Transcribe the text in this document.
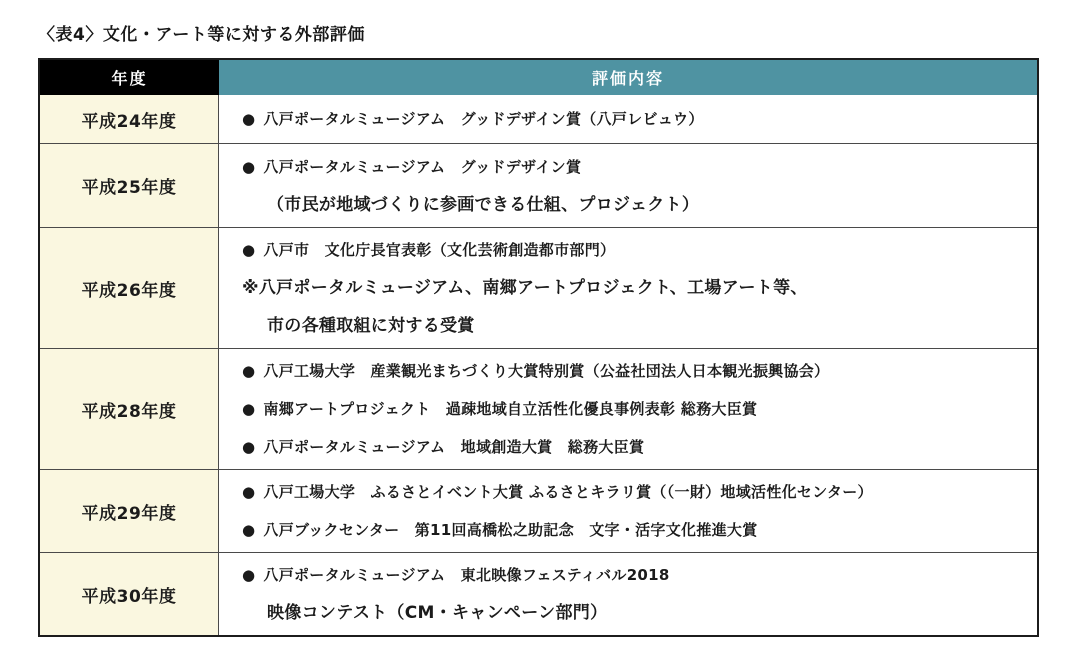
〈表4〉文化・アート等に対する外部評価
年度	評価内容
平成24年度	● 八戸ポータルミュージアム　グッドデザイン賞（八戸レビュウ）
平成25年度
● 八戸ポータルミュージアム　グッドデザイン賞
（市民が地域づくりに参画できる仕組、プロジェクト）
平成26年度
● 八戸市　文化庁長官表彰（文化芸術創造都市部門）
※八戸ポータルミュージアム、南郷アートプロジェクト、工場アート等、
市の各種取組に対する受賞
平成28年度
● 八戸工場大学　産業観光まちづくり大賞特別賞（公益社団法人日本観光振興協会）
● 南郷アートプロジェクト　過疎地域自立活性化優良事例表彰 総務大臣賞
● 八戸ポータルミュージアム　地域創造大賞　総務大臣賞
平成29年度
● 八戸工場大学　ふるさとイベント大賞 ふるさとキラリ賞（（一財）地域活性化センター）
● 八戸ブックセンター　第11回高橋松之助記念　文字・活字文化推進大賞
平成30年度
● 八戸ポータルミュージアム　東北映像フェスティバル2018
映像コンテスト（CM・キャンペーン部門）
